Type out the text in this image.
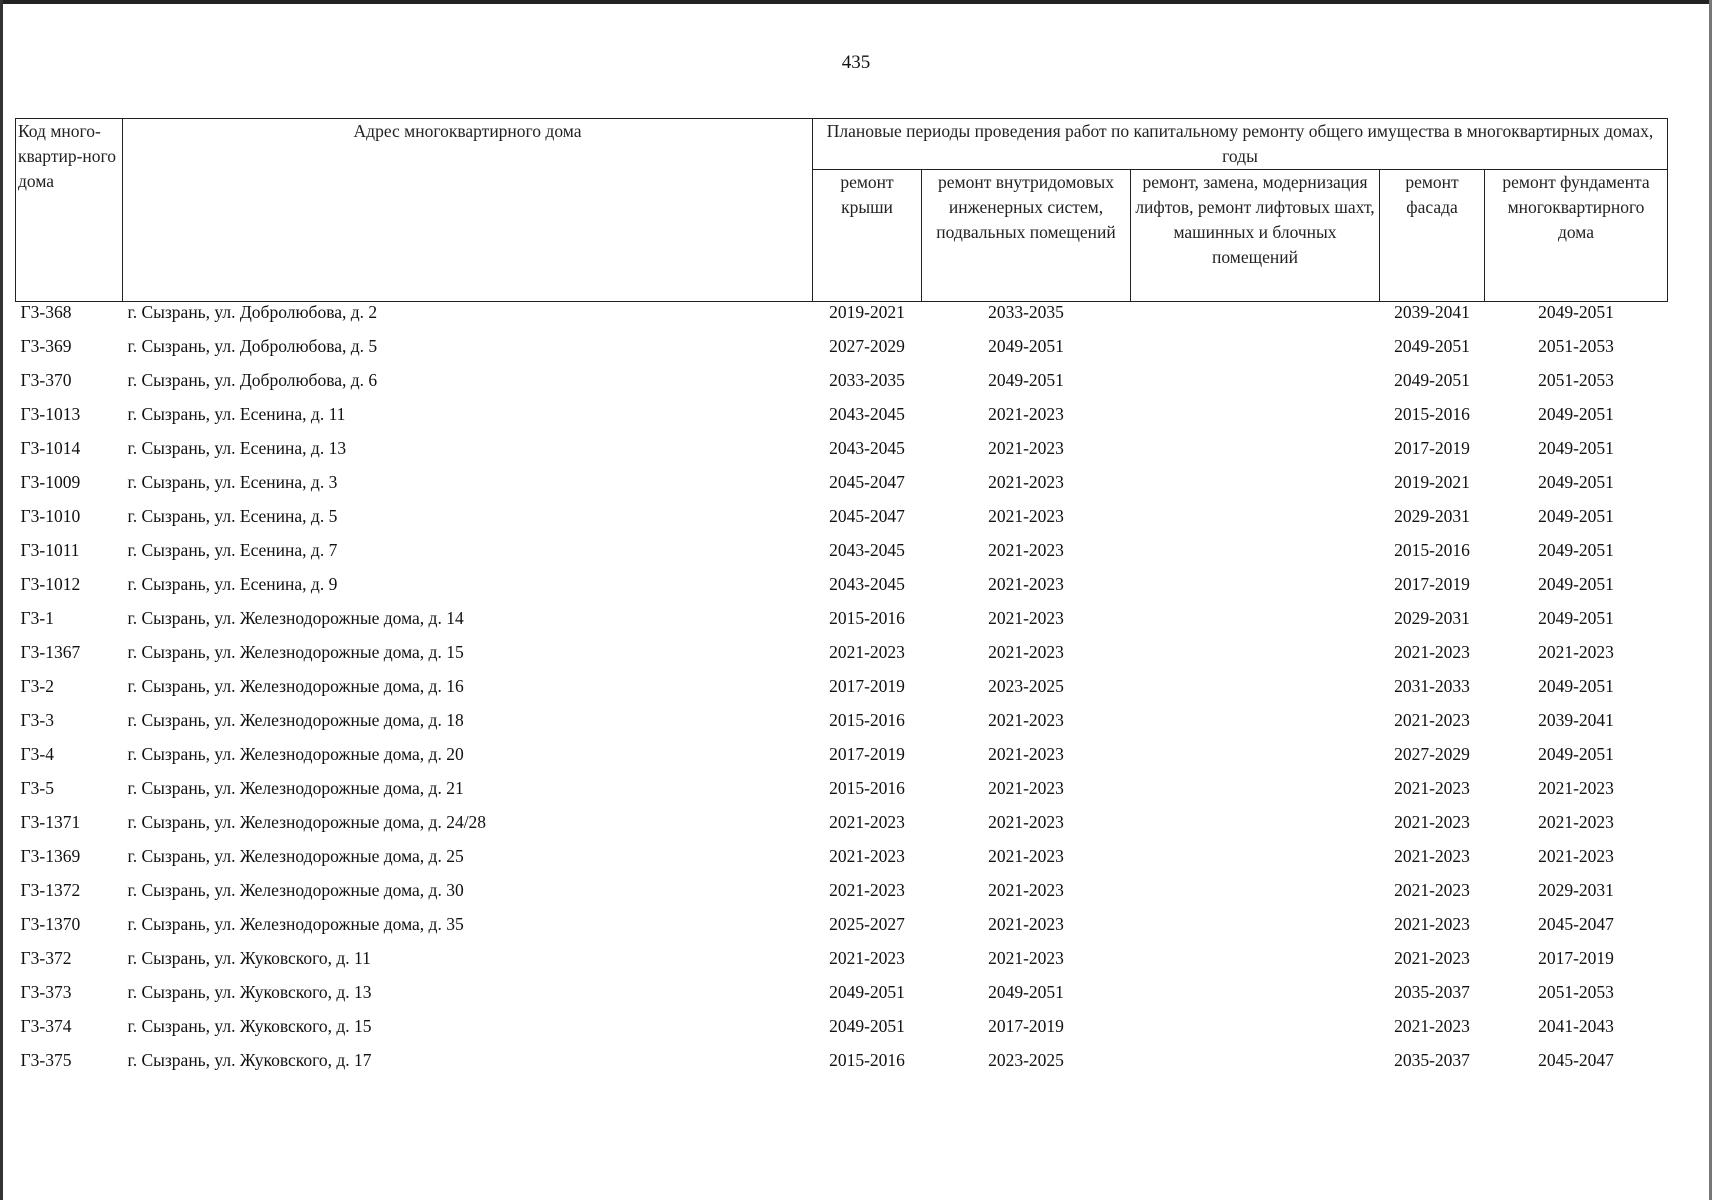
435
Код много-квартир-ного дома	Адрес многоквартирного дома	Плановые периоды проведения работ по капитальному ремонту общего имущества в многоквартирных домах, годы				
		ремонт крыши	ремонт внутридомовых инженерных систем, подвальных помещений	ремонт, замена, модернизация лифтов, ремонт лифтовых шахт, машинных и блочных помещений	ремонт фасада	ремонт фундамента многоквартирного дома
Г3-368	г. Сызрань, ул. Добролюбова, д. 2	2019-2021	2033-2035		2039-2041	2049-2051
Г3-369	г. Сызрань, ул. Добролюбова, д. 5	2027-2029	2049-2051		2049-2051	2051-2053
Г3-370	г. Сызрань, ул. Добролюбова, д. 6	2033-2035	2049-2051		2049-2051	2051-2053
Г3-1013	г. Сызрань, ул. Есенина, д. 11	2043-2045	2021-2023		2015-2016	2049-2051
Г3-1014	г. Сызрань, ул. Есенина, д. 13	2043-2045	2021-2023		2017-2019	2049-2051
Г3-1009	г. Сызрань, ул. Есенина, д. 3	2045-2047	2021-2023		2019-2021	2049-2051
Г3-1010	г. Сызрань, ул. Есенина, д. 5	2045-2047	2021-2023		2029-2031	2049-2051
Г3-1011	г. Сызрань, ул. Есенина, д. 7	2043-2045	2021-2023		2015-2016	2049-2051
Г3-1012	г. Сызрань, ул. Есенина, д. 9	2043-2045	2021-2023		2017-2019	2049-2051
Г3-1	г. Сызрань, ул. Железнодорожные дома, д. 14	2015-2016	2021-2023		2029-2031	2049-2051
Г3-1367	г. Сызрань, ул. Железнодорожные дома, д. 15	2021-2023	2021-2023		2021-2023	2021-2023
Г3-2	г. Сызрань, ул. Железнодорожные дома, д. 16	2017-2019	2023-2025		2031-2033	2049-2051
Г3-3	г. Сызрань, ул. Железнодорожные дома, д. 18	2015-2016	2021-2023		2021-2023	2039-2041
Г3-4	г. Сызрань, ул. Железнодорожные дома, д. 20	2017-2019	2021-2023		2027-2029	2049-2051
Г3-5	г. Сызрань, ул. Железнодорожные дома, д. 21	2015-2016	2021-2023		2021-2023	2021-2023
Г3-1371	г. Сызрань, ул. Железнодорожные дома, д. 24/28	2021-2023	2021-2023		2021-2023	2021-2023
Г3-1369	г. Сызрань, ул. Железнодорожные дома, д. 25	2021-2023	2021-2023		2021-2023	2021-2023
Г3-1372	г. Сызрань, ул. Железнодорожные дома, д. 30	2021-2023	2021-2023		2021-2023	2029-2031
Г3-1370	г. Сызрань, ул. Железнодорожные дома, д. 35	2025-2027	2021-2023		2021-2023	2045-2047
Г3-372	г. Сызрань, ул. Жуковского, д. 11	2021-2023	2021-2023		2021-2023	2017-2019
Г3-373	г. Сызрань, ул. Жуковского, д. 13	2049-2051	2049-2051		2035-2037	2051-2053
Г3-374	г. Сызрань, ул. Жуковского, д. 15	2049-2051	2017-2019		2021-2023	2041-2043
Г3-375	г. Сызрань, ул. Жуковского, д. 17	2015-2016	2023-2025		2035-2037	2045-2047
